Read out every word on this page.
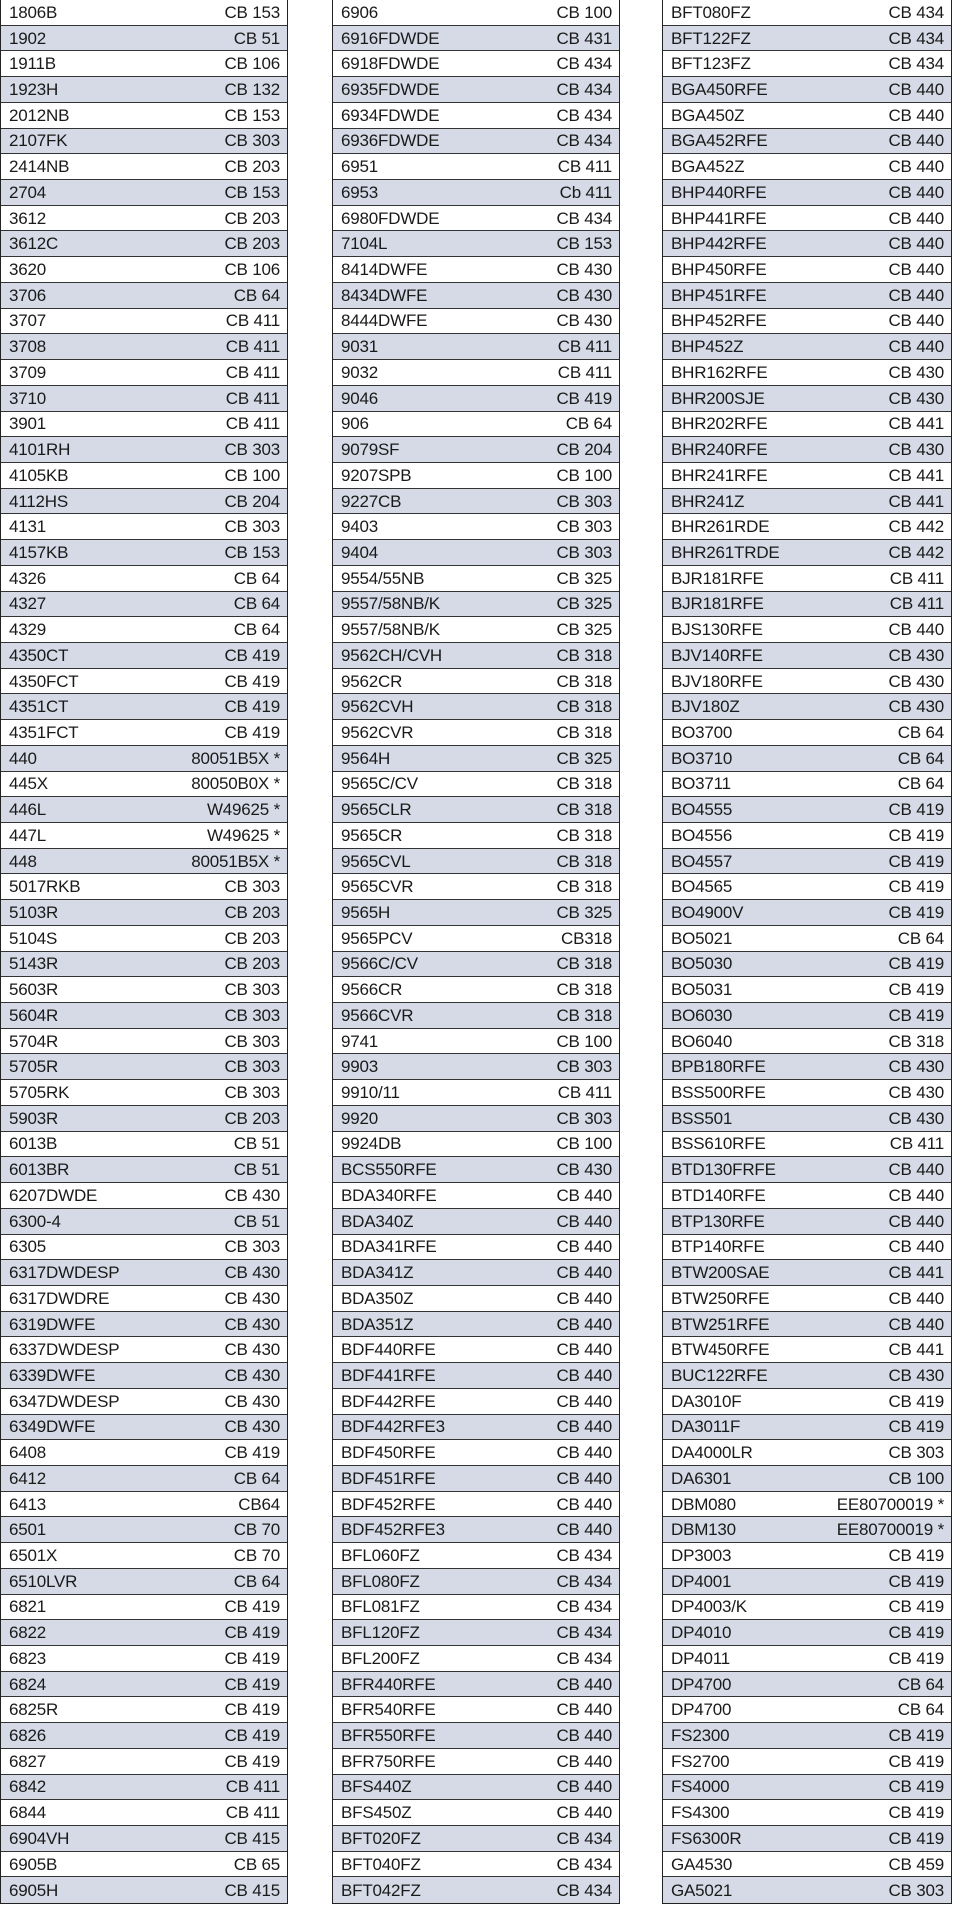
1806B	CB 153
1902	CB 51
1911B	CB 106
1923H	CB 132
2012NB	CB 153
2107FK	CB 303
2414NB	CB 203
2704	CB 153
3612	CB 203
3612C	CB 203
3620	CB 106
3706	CB 64
3707	CB 411
3708	CB 411
3709	CB 411
3710	CB 411
3901	CB 411
4101RH	CB 303
4105KB	CB 100
4112HS	CB 204
4131	CB 303
4157KB	CB 153
4326	CB 64
4327	CB 64
4329	CB 64
4350CT	CB 419
4350FCT	CB 419
4351CT	CB 419
4351FCT	CB 419
440	80051B5X *
445X	80050B0X *
446L	W49625 *
447L	W49625 *
448	80051B5X *
5017RKB	CB 303
5103R	CB 203
5104S	CB 203
5143R	CB 203
5603R	CB 303
5604R	CB 303
5704R	CB 303
5705R	CB 303
5705RK	CB 303
5903R	CB 203
6013B	CB 51
6013BR	CB 51
6207DWDE	CB 430
6300-4	CB 51
6305	CB 303
6317DWDESP	CB 430
6317DWDRE	CB 430
6319DWFE	CB 430
6337DWDESP	CB 430
6339DWFE	CB 430
6347DWDESP	CB 430
6349DWFE	CB 430
6408	CB 419
6412	CB 64
6413	CB64
6501	CB 70
6501X	CB 70
6510LVR	CB 64
6821	CB 419
6822	CB 419
6823	CB 419
6824	CB 419
6825R	CB 419
6826	CB 419
6827	CB 419
6842	CB 411
6844	CB 411
6904VH	CB 415
6905B	CB 65
6905H	CB 415
6906	CB 100
6916FDWDE	CB 431
6918FDWDE	CB 434
6935FDWDE	CB 434
6934FDWDE	CB 434
6936FDWDE	CB 434
6951	CB 411
6953	Cb 411
6980FDWDE	CB 434
7104L	CB 153
8414DWFE	CB 430
8434DWFE	CB 430
8444DWFE	CB 430
9031	CB 411
9032	CB 411
9046	CB 419
906	CB 64
9079SF	CB 204
9207SPB	CB 100
9227CB	CB 303
9403	CB 303
9404	CB 303
9554/55NB	CB 325
9557/58NB/K	CB 325
9557/58NB/K	CB 325
9562CH/CVH	CB 318
9562CR	CB 318
9562CVH	CB 318
9562CVR	CB 318
9564H	CB 325
9565C/CV	CB 318
9565CLR	CB 318
9565CR	CB 318
9565CVL	CB 318
9565CVR	CB 318
9565H	CB 325
9565PCV	CB318
9566C/CV	CB 318
9566CR	CB 318
9566CVR	CB 318
9741	CB 100
9903	CB 303
9910/11	CB 411
9920	CB 303
9924DB	CB 100
BCS550RFE	CB 430
BDA340RFE	CB 440
BDA340Z	CB 440
BDA341RFE	CB 440
BDA341Z	CB 440
BDA350Z	CB 440
BDA351Z	CB 440
BDF440RFE	CB 440
BDF441RFE	CB 440
BDF442RFE	CB 440
BDF442RFE3	CB 440
BDF450RFE	CB 440
BDF451RFE	CB 440
BDF452RFE	CB 440
BDF452RFE3	CB 440
BFL060FZ	CB 434
BFL080FZ	CB 434
BFL081FZ	CB 434
BFL120FZ	CB 434
BFL200FZ	CB 434
BFR440RFE	CB 440
BFR540RFE	CB 440
BFR550RFE	CB 440
BFR750RFE	CB 440
BFS440Z	CB 440
BFS450Z	CB 440
BFT020FZ	CB 434
BFT040FZ	CB 434
BFT042FZ	CB 434
BFT080FZ	CB 434
BFT122FZ	CB 434
BFT123FZ	CB 434
BGA450RFE	CB 440
BGA450Z	CB 440
BGA452RFE	CB 440
BGA452Z	CB 440
BHP440RFE	CB 440
BHP441RFE	CB 440
BHP442RFE	CB 440
BHP450RFE	CB 440
BHP451RFE	CB 440
BHP452RFE	CB 440
BHP452Z	CB 440
BHR162RFE	CB 430
BHR200SJE	CB 430
BHR202RFE	CB 441
BHR240RFE	CB 430
BHR241RFE	CB 441
BHR241Z	CB 441
BHR261RDE	CB 442
BHR261TRDE	CB 442
BJR181RFE	CB 411
BJR181RFE	CB 411
BJS130RFE	CB 440
BJV140RFE	CB 430
BJV180RFE	CB 430
BJV180Z	CB 430
BO3700	CB 64
BO3710	CB 64
BO3711	CB 64
BO4555	CB 419
BO4556	CB 419
BO4557	CB 419
BO4565	CB 419
BO4900V	CB 419
BO5021	CB 64
BO5030	CB 419
BO5031	CB 419
BO6030	CB 419
BO6040	CB 318
BPB180RFE	CB 430
BSS500RFE	CB 430
BSS501	CB 430
BSS610RFE	CB 411
BTD130FRFE	CB 440
BTD140RFE	CB 440
BTP130RFE	CB 440
BTP140RFE	CB 440
BTW200SAE	CB 441
BTW250RFE	CB 440
BTW251RFE	CB 440
BTW450RFE	CB 441
BUC122RFE	CB 430
DA3010F	CB 419
DA3011F	CB 419
DA4000LR	CB 303
DA6301	CB 100
DBM080	EE80700019 *
DBM130	EE80700019 *
DP3003	CB 419
DP4001	CB 419
DP4003/K	CB 419
DP4010	CB 419
DP4011	CB 419
DP4700	CB 64
DP4700	CB 64
FS2300	CB 419
FS2700	CB 419
FS4000	CB 419
FS4300	CB 419
FS6300R	CB 419
GA4530	CB 459
GA5021	CB 303
